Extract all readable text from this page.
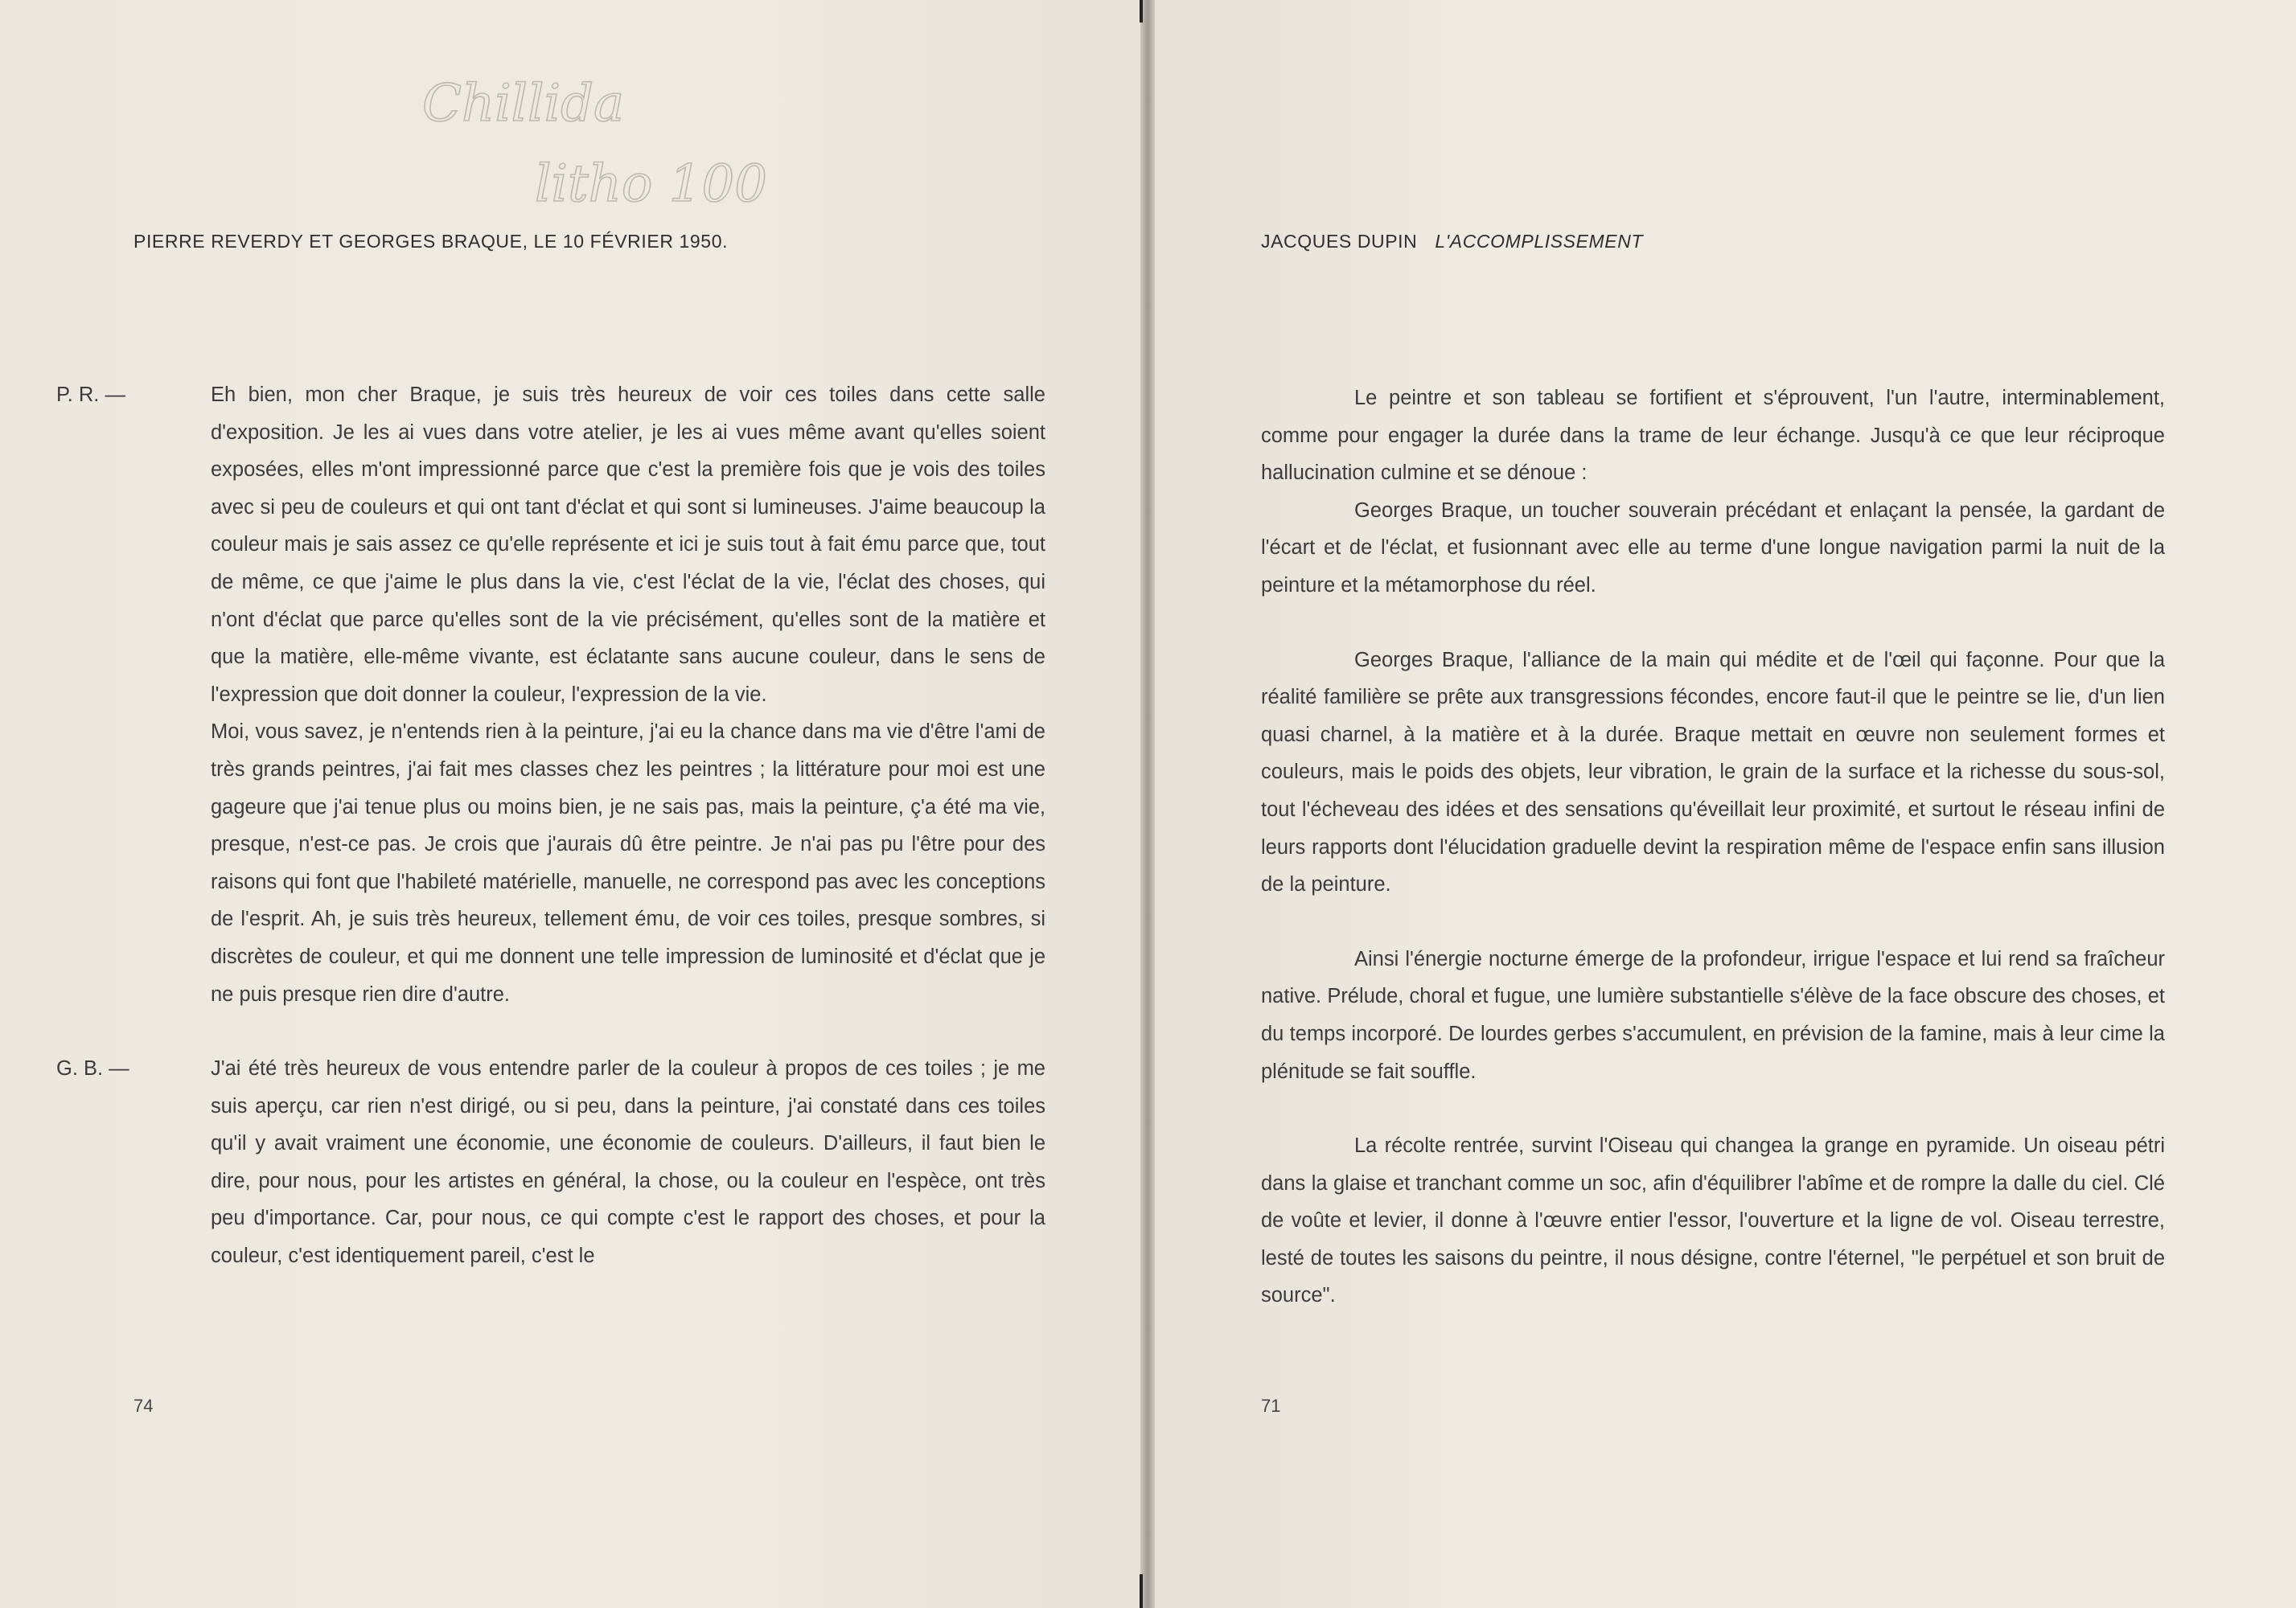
Chillida
litho 100
PIERRE REVERDY ET GEORGES BRAQUE, LE 10 FÉVRIER 1950.
P. R. —	Eh bien, mon cher Braque, je suis très heureux de voir ces toiles dans cette salle d'exposition. Je les ai vues dans votre atelier, je les ai vues même avant qu'elles soient exposées, elles m'ont impressionné parce que c'est la première fois que je vois des toiles avec si peu de couleurs et qui ont tant d'éclat et qui sont si lumineuses. J'aime beaucoup la couleur mais je sais assez ce qu'elle représente et ici je suis tout à fait ému parce que, tout de même, ce que j'aime le plus dans la vie, c'est l'éclat de la vie, l'éclat des choses, qui n'ont d'éclat que parce qu'elles sont de la vie précisément, qu'elles sont de la matière et que la matière, elle-même vivante, est éclatante sans aucune couleur, dans le sens de l'expression que doit donner la couleur, l'expression de la vie.
Moi, vous savez, je n'entends rien à la peinture, j'ai eu la chance dans ma vie d'être l'ami de très grands peintres, j'ai fait mes classes chez les peintres ; la littérature pour moi est une gageure que j'ai tenue plus ou moins bien, je ne sais pas, mais la peinture, ç'a été ma vie, presque, n'est-ce pas. Je crois que j'aurais dû être peintre. Je n'ai pas pu l'être pour des raisons qui font que l'habileté matérielle, manuelle, ne correspond pas avec les conceptions de l'esprit. Ah, je suis très heureux, tellement ému, de voir ces toiles, presque sombres, si discrètes de couleur, et qui me donnent une telle impression de luminosité et d'éclat que je ne puis presque rien dire d'autre.
G. B. —	J'ai été très heureux de vous entendre parler de la couleur à propos de ces toiles ; je me suis aperçu, car rien n'est dirigé, ou si peu, dans la peinture, j'ai constaté dans ces toiles qu'il y avait vraiment une économie, une économie de couleurs. D'ailleurs, il faut bien le dire, pour nous, pour les artistes en général, la chose, ou la couleur en l'espèce, ont très peu d'importance. Car, pour nous, ce qui compte c'est le rapport des choses, et pour la couleur, c'est identiquement pareil, c'est le
74
JACQUES DUPIN L'ACCOMPLISSEMENT

Le peintre et son tableau se fortifient et s'éprouvent, l'un l'autre, interminablement, comme pour engager la durée dans la trame de leur échange. Jusqu'à ce que leur réciproque hallucination culmine et se dénoue :

Georges Braque, un toucher souverain précédant et enlaçant la pensée, la gardant de l'écart et de l'éclat, et fusionnant avec elle au terme d'une longue navigation parmi la nuit de la peinture et la métamorphose du réel.

Georges Braque, l'alliance de la main qui médite et de l'œil qui façonne. Pour que la réalité familière se prête aux transgressions fécondes, encore faut-il que le peintre se lie, d'un lien quasi charnel, à la matière et à la durée. Braque mettait en œuvre non seulement formes et couleurs, mais le poids des objets, leur vibration, le grain de la surface et la richesse du sous-sol, tout l'écheveau des idées et des sensations qu'éveillait leur proximité, et surtout le réseau infini de leurs rapports dont l'élucidation graduelle devint la respiration même de l'espace enfin sans illusion de la peinture.

Ainsi l'énergie nocturne émerge de la profondeur, irrigue l'espace et lui rend sa fraîcheur native. Prélude, choral et fugue, une lumière substantielle s'élève de la face obscure des choses, et du temps incorporé. De lourdes gerbes s'accumulent, en prévision de la famine, mais à leur cime la plénitude se fait souffle.

La récolte rentrée, survint l'Oiseau qui changea la grange en pyramide. Un oiseau pétri dans la glaise et tranchant comme un soc, afin d'équilibrer l'abîme et de rompre la dalle du ciel. Clé de voûte et levier, il donne à l'œuvre entier l'essor, l'ouverture et la ligne de vol. Oiseau terrestre, lesté de toutes les saisons du peintre, il nous désigne, contre l'éternel, "le perpétuel et son bruit de source".

71
